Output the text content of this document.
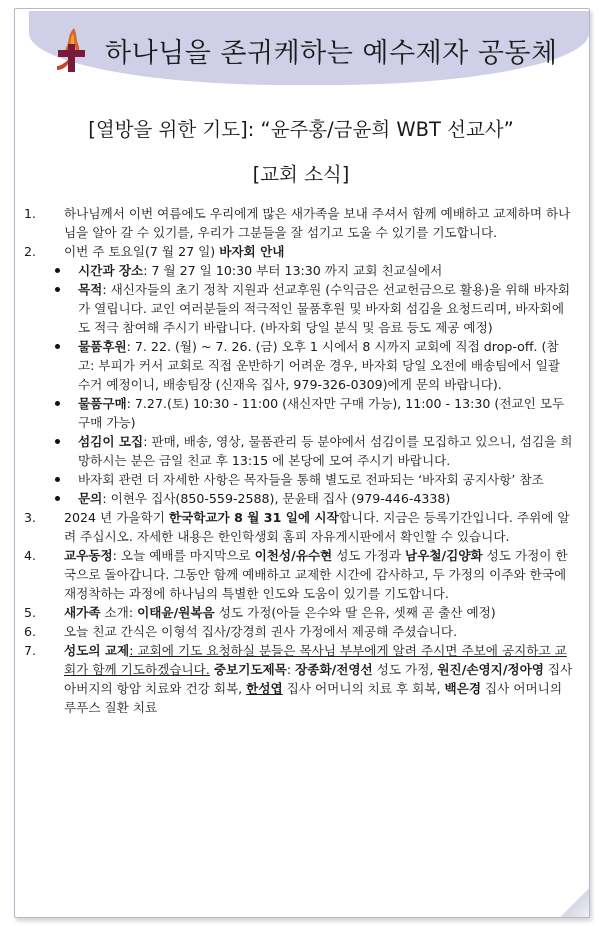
하나님을 존귀케하는 예수제자 공동체
[열방을 위한 기도]: “윤주홍/금윤희 WBT 선교사”
[교회 소식]
1. 하나님께서 이번 여름에도 우리에게 많은 새가족을 보내 주셔서 함께 예배하고 교제하며 하나님을 알아 갈 수 있기를, 우리가 그분들을 잘 섬기고 도울 수 있기를 기도합니다.
2. 이번 주 토요일(7 월 27 일) 바자회 안내
시간과 장소: 7 월 27 일 10:30 부터 13:30 까지 교회 친교실에서
목적: 새신자들의 초기 정착 지원과 선교후원 (수익금은 선교헌금으로 활용)을 위해 바자회가 열립니다. 교인 여러분들의 적극적인 물품후원 및 바자회 섬김을 요청드리며, 바자회에도 적극 참여해 주시기 바랍니다. (바자회 당일 분식 및 음료 등도 제공 예정)
물품후원: 7. 22. (월) ~ 7. 26. (금) 오후 1 시에서 8 시까지 교회에 직접 drop-off. (참고: 부피가 커서 교회로 직접 운반하기 어려운 경우, 바자회 당일 오전에 배송팀에서 일괄 수거 예정이니, 배송팀장 (신재욱 집사, 979-326-0309)에게 문의 바랍니다).
물품구매: 7.27.(토) 10:30 - 11:00 (새신자만 구매 가능), 11:00 - 13:30 (전교인 모두 구매 가능)
섬김이 모집: 판매, 배송, 영상, 물품관리 등 분야에서 섬김이를 모집하고 있으니, 섬김을 희망하시는 분은 금일 친교 후 13:15 에 본당에 모여 주시기 바랍니다.
바자회 관련 더 자세한 사항은 목자들을 통해 별도로 전파되는 ‘바자회 공지사항’ 참조
문의: 이현우 집사(850-559-2588), 문윤태 집사 (979-446-4338)
3. 2024 년 가을학기 한국학교가 8 월 31 일에 시작합니다. 지금은 등록기간입니다. 주위에 알려 주십시오. 자세한 내용은 한인학생회 홈피 자유게시판에서 확인할 수 있습니다.
4. 교우동정: 오늘 예배를 마지막으로 이천성/유수현 성도 가정과 남우철/김양화 성도 가정이 한국으로 돌아갑니다. 그동안 함께 예배하고 교제한 시간에 감사하고, 두 가정의 이주와 한국에 재정착하는 과정에 하나님의 특별한 인도와 도움이 있기를 기도합니다.
5. 새가족 소개: 이태윤/원복음 성도 가정(아들 은수와 딸 은유, 셋째 곧 출산 예정)
6. 오늘 친교 간식은 이형석 집사/강경희 권사 가정에서 제공해 주셨습니다.
7. 성도의 교제: 교회에 기도 요청하실 분들은 목사님 부부에게 알려 주시면 주보에 공지하고 교회가 함께 기도하겠습니다. 중보기도제목: 장종화/전영선 성도 가정, 원진/손영지/정아영 집사 아버지의 항암 치료와 건강 회복, 한성엽 집사 어머니의 치료 후 회복, 백은경 집사 어머니의 루푸스 질환 치료
